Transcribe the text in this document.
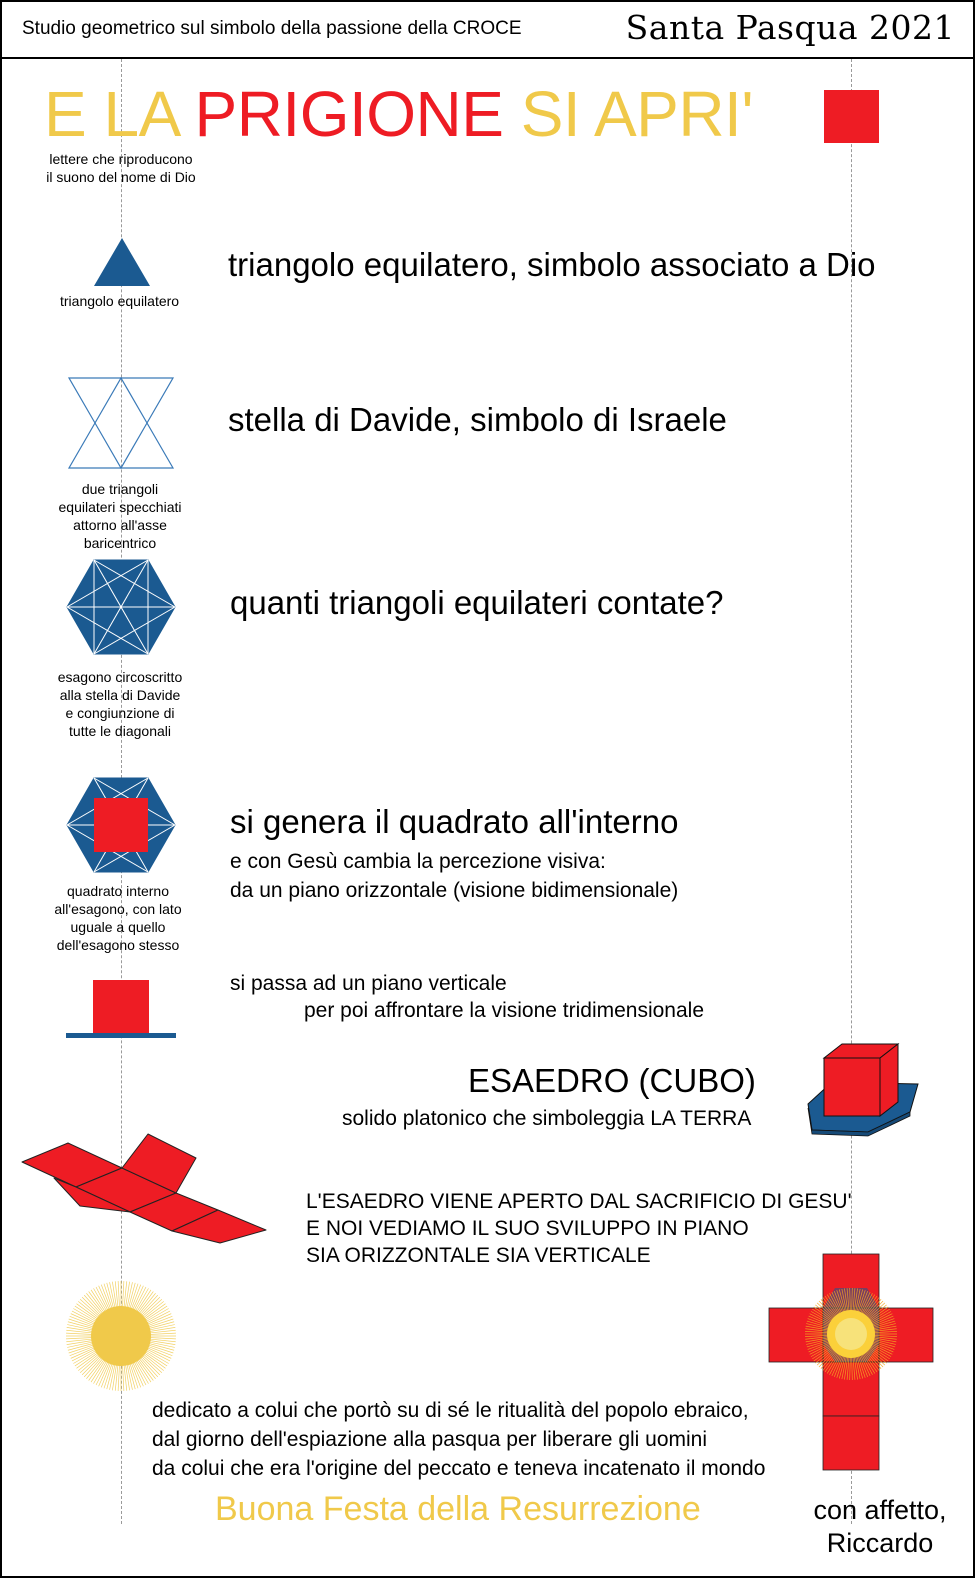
Studio geometrico sul simbolo della passione della CROCE	Santa Pasqua 2021
E LA PRIGIONE SI APRI'
lettere che riproducono
il suono del nome di Dio
triangolo equilatero
triangolo equilatero, simbolo associato a Dio
due triangoli
equilateri specchiati
attorno all'asse
baricentrico
stella di Davide, simbolo di Israele
esagono circoscritto
alla stella di Davide
e congiunzione di
tutte le diagonali
quanti triangoli equilateri contate?
quadrato interno
all'esagono, con lato
uguale a quello
dell'esagono stesso
si genera il quadrato all'interno
e con Gesù cambia la percezione visiva:
da un piano orizzontale (visione bidimensionale)
si passa ad un piano verticale
per poi affrontare la visione tridimensionale
ESAEDRO (CUBO)
solido platonico che simboleggia LA TERRA
L'ESAEDRO VIENE APERTO DAL SACRIFICIO DI GESU'
E NOI VEDIAMO IL SUO SVILUPPO IN PIANO
SIA ORIZZONTALE SIA VERTICALE
dedicato a colui che portò su di sé le ritualità del popolo ebraico,
dal giorno dell'espiazione alla pasqua per liberare gli uomini
da colui che era l'origine del peccato e teneva incatenato il mondo
Buona Festa della Resurrezione	con affetto,
Riccardo
